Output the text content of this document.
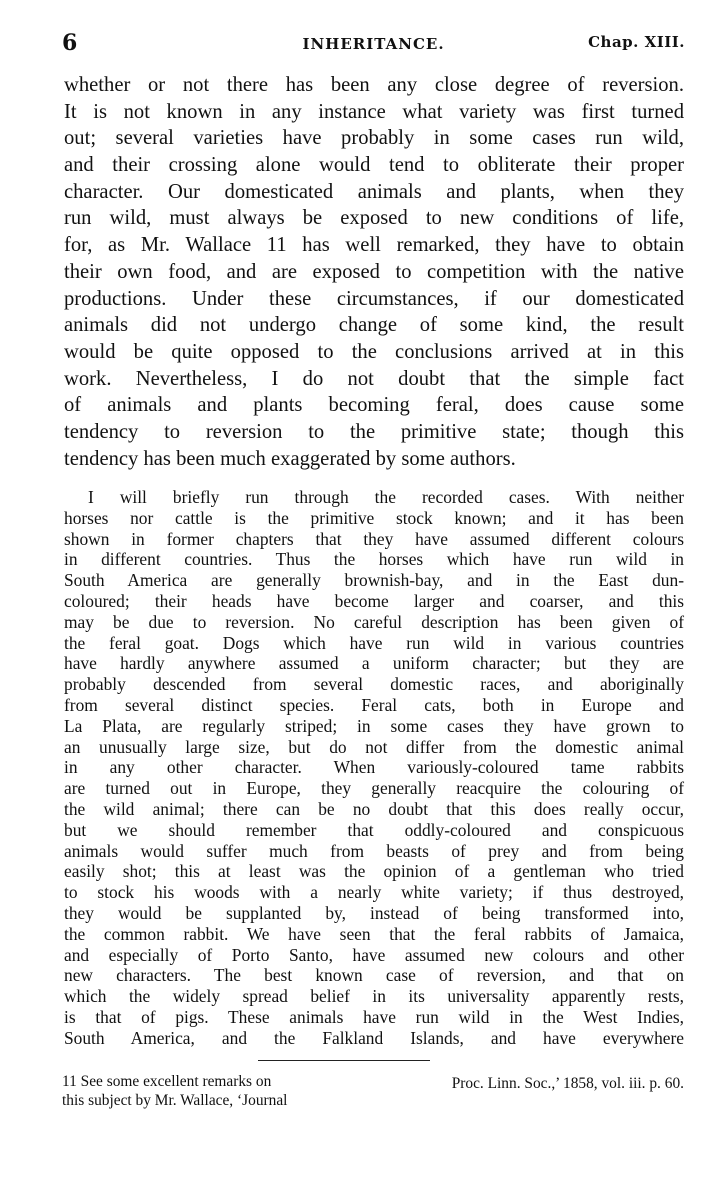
6	INHERITANCE.	Chap. XIII.
whether or not there has been any close degree of reversion.
It is not known in any instance what variety was first turned
out; several varieties have probably in some cases run wild,
and their crossing alone would tend to obliterate their proper
character. Our domesticated animals and plants, when they
run wild, must always be exposed to new conditions of life,
for, as Mr. Wallace 11 has well remarked, they have to obtain
their own food, and are exposed to competition with the native
productions. Under these circumstances, if our domesticated
animals did not undergo change of some kind, the result
would be quite opposed to the conclusions arrived at in this
work. Nevertheless, I do not doubt that the simple fact
of animals and plants becoming feral, does cause some
tendency to reversion to the primitive state; though this
tendency has been much exaggerated by some authors.
I will briefly run through the recorded cases. With neither
horses nor cattle is the primitive stock known; and it has been
shown in former chapters that they have assumed different colours
in different countries. Thus the horses which have run wild in
South America are generally brownish-bay, and in the East dun-
coloured; their heads have become larger and coarser, and this
may be due to reversion. No careful description has been given of
the feral goat. Dogs which have run wild in various countries
have hardly anywhere assumed a uniform character; but they are
probably descended from several domestic races, and aboriginally
from several distinct species. Feral cats, both in Europe and
La Plata, are regularly striped; in some cases they have grown to
an unusually large size, but do not differ from the domestic animal
in any other character. When variously-coloured tame rabbits
are turned out in Europe, they generally reacquire the colouring of
the wild animal; there can be no doubt that this does really occur,
but we should remember that oddly-coloured and conspicuous
animals would suffer much from beasts of prey and from being
easily shot; this at least was the opinion of a gentleman who tried
to stock his woods with a nearly white variety; if thus destroyed,
they would be supplanted by, instead of being transformed into,
the common rabbit. We have seen that the feral rabbits of Jamaica,
and especially of Porto Santo, have assumed new colours and other
new characters. The best known case of reversion, and that on
which the widely spread belief in its universality apparently rests,
is that of pigs. These animals have run wild in the West Indies,
South America, and the Falkland Islands, and have everywhere
11 See some excellent remarks on
this subject by Mr. Wallace, ‘Journal
Proc. Linn. Soc.,’ 1858, vol. iii. p. 60.
